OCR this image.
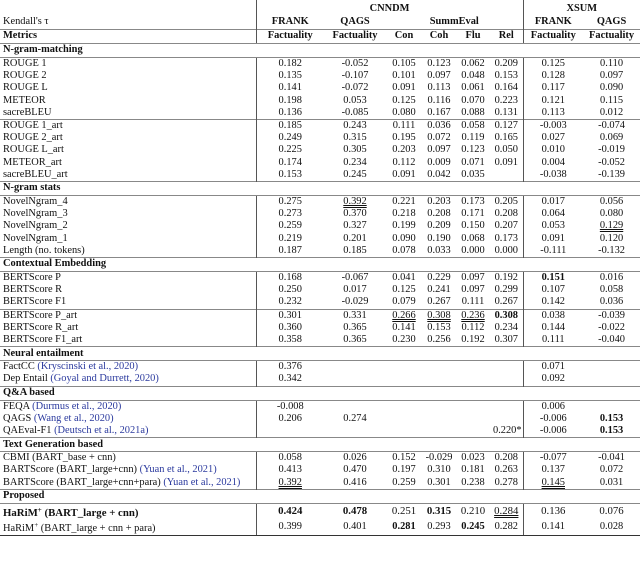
	CNNDM						XSUM	
Kendall's τ	FRANK	QAGS	SummEval				FRANK	QAGS
Metrics	Factuality	Factuality	Con	Coh	Flu	Rel	Factuality	Factuality
N-gram-matching								
ROUGE 1	0.182	-0.052	0.105	0.123	0.062	0.209	0.125	0.110
ROUGE 2	0.135	-0.107	0.101	0.097	0.048	0.153	0.128	0.097
ROUGE L	0.141	-0.072	0.091	0.113	0.061	0.164	0.117	0.090
METEOR	0.198	0.053	0.125	0.116	0.070	0.223	0.121	0.115
sacreBLEU	0.136	-0.085	0.080	0.167	0.088	0.131	0.113	0.012
ROUGE 1_art	0.185	0.243	0.111	0.036	0.058	0.127	-0.003	-0.074
ROUGE 2_art	0.249	0.315	0.195	0.072	0.119	0.165	0.027	0.069
ROUGE L_art	0.225	0.305	0.203	0.097	0.123	0.050	0.010	-0.019
METEOR_art	0.174	0.234	0.112	0.009	0.071	0.091	0.004	-0.052
sacreBLEU_art	0.153	0.245	0.091	0.042	0.035		-0.038	-0.139
N-gram stats								
NovelNgram_4	0.275	0.392	0.221	0.203	0.173	0.205	0.017	0.056
NovelNgram_3	0.273	0.370	0.218	0.208	0.171	0.208	0.064	0.080
NovelNgram_2	0.259	0.327	0.199	0.209	0.150	0.207	0.053	0.129
NovelNgram_1	0.219	0.201	0.090	0.190	0.068	0.173	0.091	0.120
Length (no. tokens)	0.187	0.185	0.078	0.033	0.000	0.000	-0.111	-0.132
Contextual Embedding								
BERTScore P	0.168	-0.067	0.041	0.229	0.097	0.192	0.151	0.016
BERTScore R	0.250	0.017	0.125	0.241	0.097	0.299	0.107	0.058
BERTScore F1	0.232	-0.029	0.079	0.267	0.111	0.267	0.142	0.036
BERTScore P_art	0.301	0.331	0.266	0.308	0.236	0.308	0.038	-0.039
BERTScore R_art	0.360	0.365	0.141	0.153	0.112	0.234	0.144	-0.022
BERTScore F1_art	0.358	0.365	0.230	0.256	0.192	0.307	0.111	-0.040
Neural entailment								
FactCC (Kryscinski et al., 2020)	0.376						0.071	
Dep Entail (Goyal and Durrett, 2020)	0.342						0.092	
Q&A based								
FEQA (Durmus et al., 2020)	-0.008						0.006	
QAGS (Wang et al., 2020)	0.206	0.274					-0.006	0.153
QAEval-F1 (Deutsch et al., 2021a)						0.220*	-0.006	0.153
Text Generation based								
CBMI (BART_base + cnn)	0.058	0.026	0.152	-0.029	0.023	0.208	-0.077	-0.041
BARTScore (BART_large+cnn) (Yuan et al., 2021)	0.413	0.470	0.197	0.310	0.181	0.263	0.137	0.072
BARTScore (BART_large+cnn+para) (Yuan et al., 2021)	0.392	0.416	0.259	0.301	0.238	0.278	0.145	0.031
Proposed								
HaRiM+ (BART_large + cnn)	0.424	0.478	0.251	0.315	0.210	0.284	0.136	0.076
HaRiM+ (BART_large + cnn + para)	0.399	0.401	0.281	0.293	0.245	0.282	0.141	0.028
